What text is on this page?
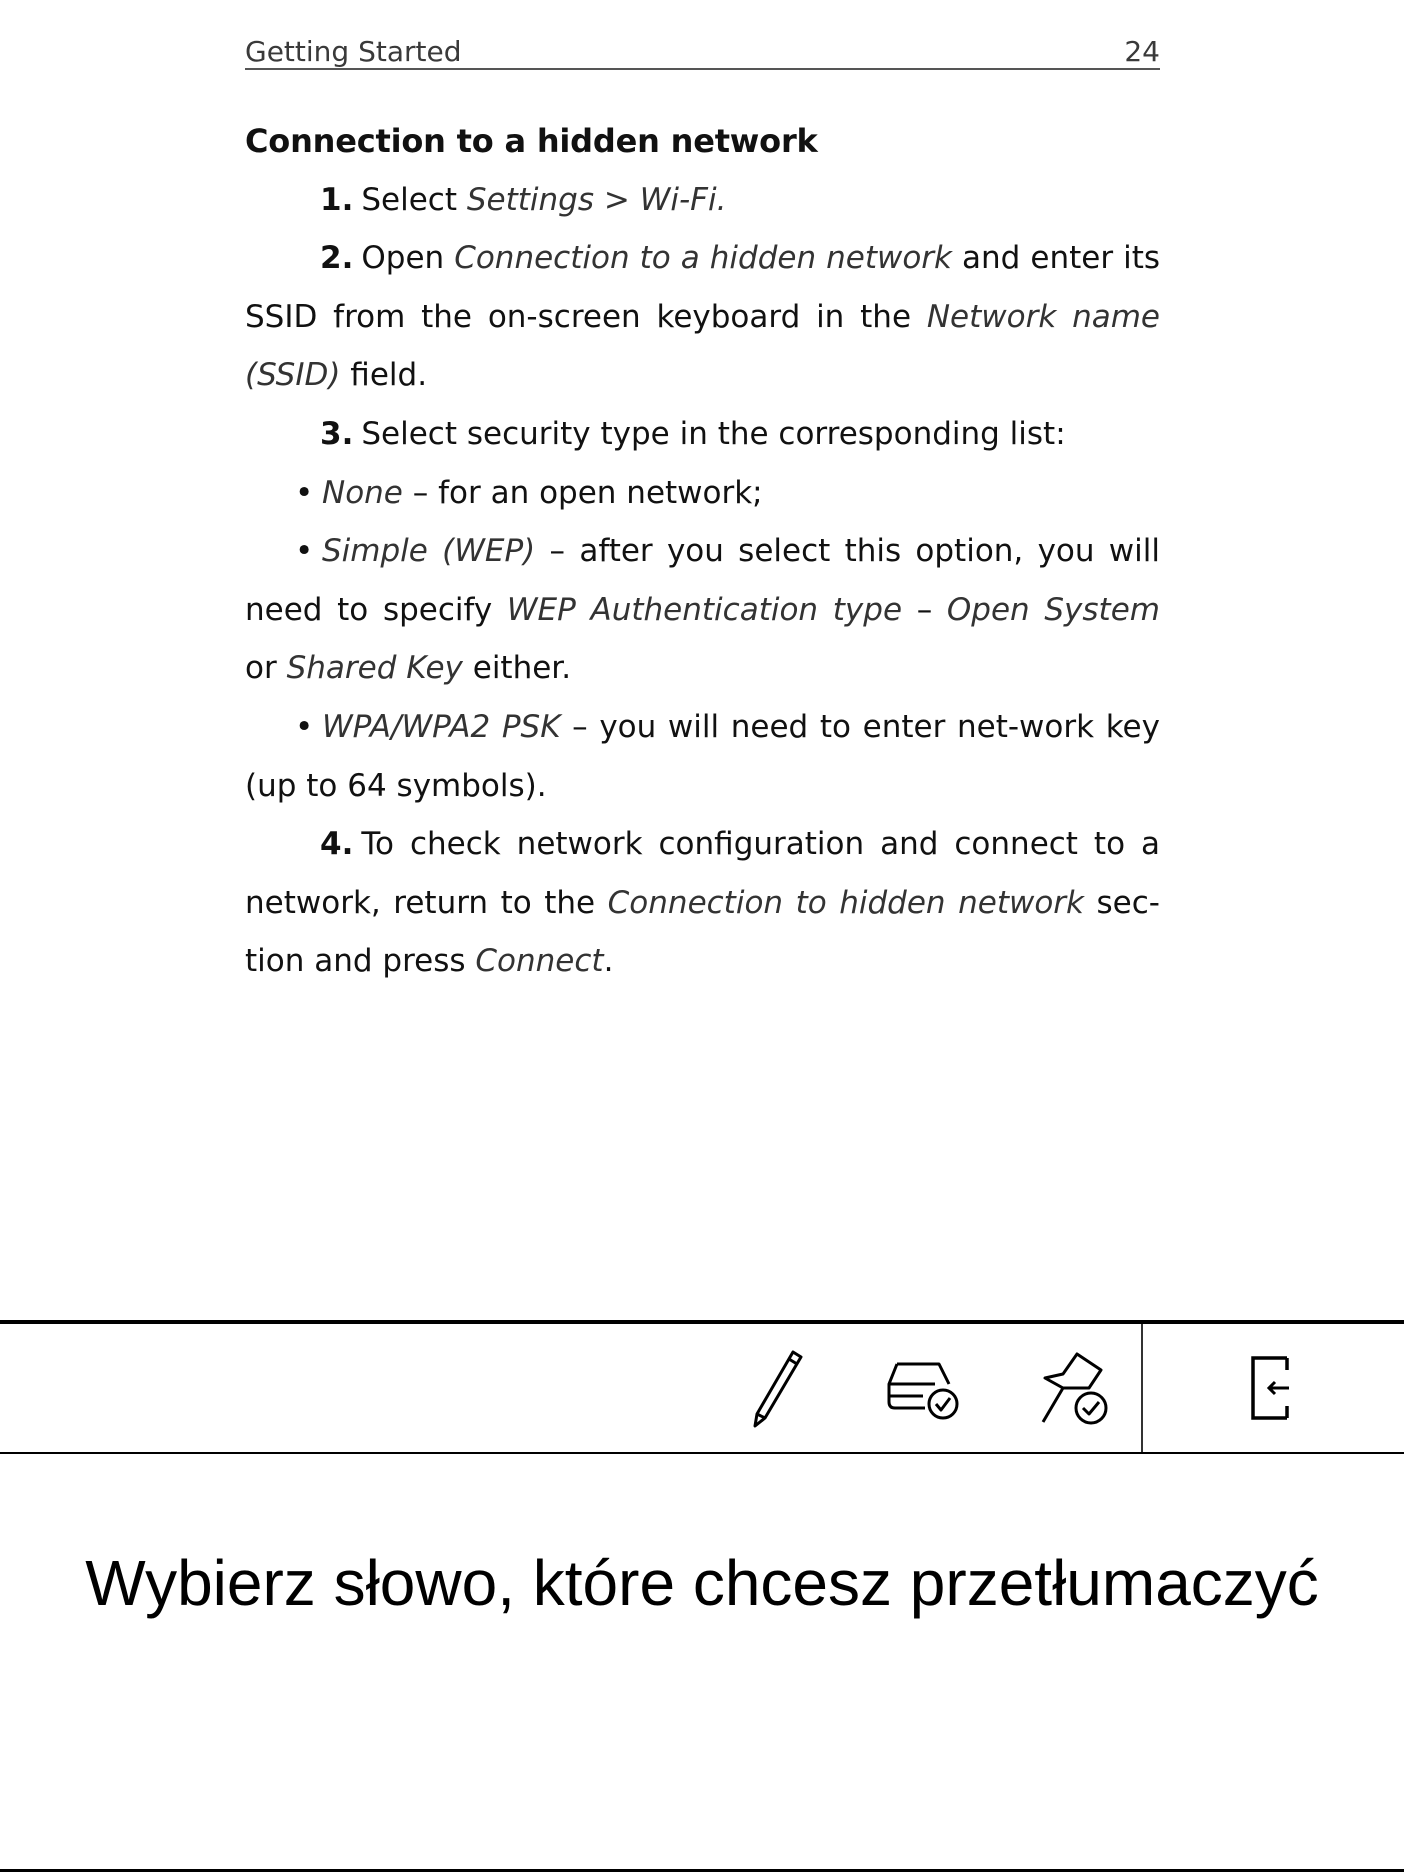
Getting Started	24

Connection to a hidden network

1. Select Settings > Wi-Fi.

2. Open Connection to a hidden network and enter its SSID from the on-screen keyboard in the Network name (SSID) field.

3. Select security type in the corresponding list:

• None – for an open network;

• Simple (WEP) – after you select this option, you will need to specify WEP Authentication type – Open System or Shared Key either.

• WPA/WPA2 PSK – you will need to enter net-work key (up to 64 symbols).

4. To check network configuration and connect to a network, return to the Connection to hidden network sec-tion and press Connect.

Wybierz słowo, które chcesz przetłumaczyć
